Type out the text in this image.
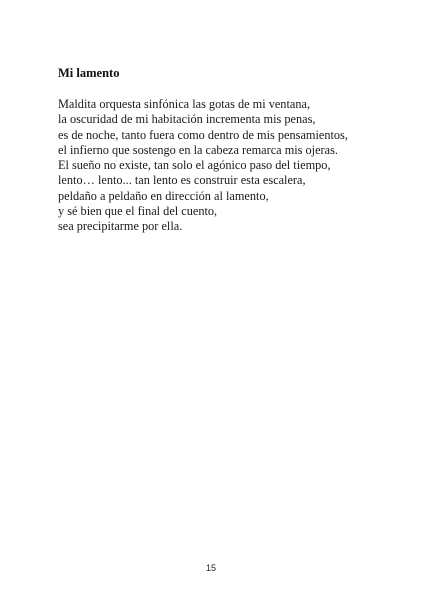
Mi lamento
Maldita orquesta sinfónica las gotas de mi ventana,
la oscuridad de mi habitación incrementa mis penas,
es de noche, tanto fuera como dentro de mis pensamientos,
el infierno que sostengo en la cabeza remarca mis ojeras.
El sueño no existe, tan solo el agónico paso del tiempo,
lento… lento... tan lento es construir esta escalera,
peldaño a peldaño en dirección al lamento,
y sé bien que el final del cuento,
sea precipitarme por ella.
15
